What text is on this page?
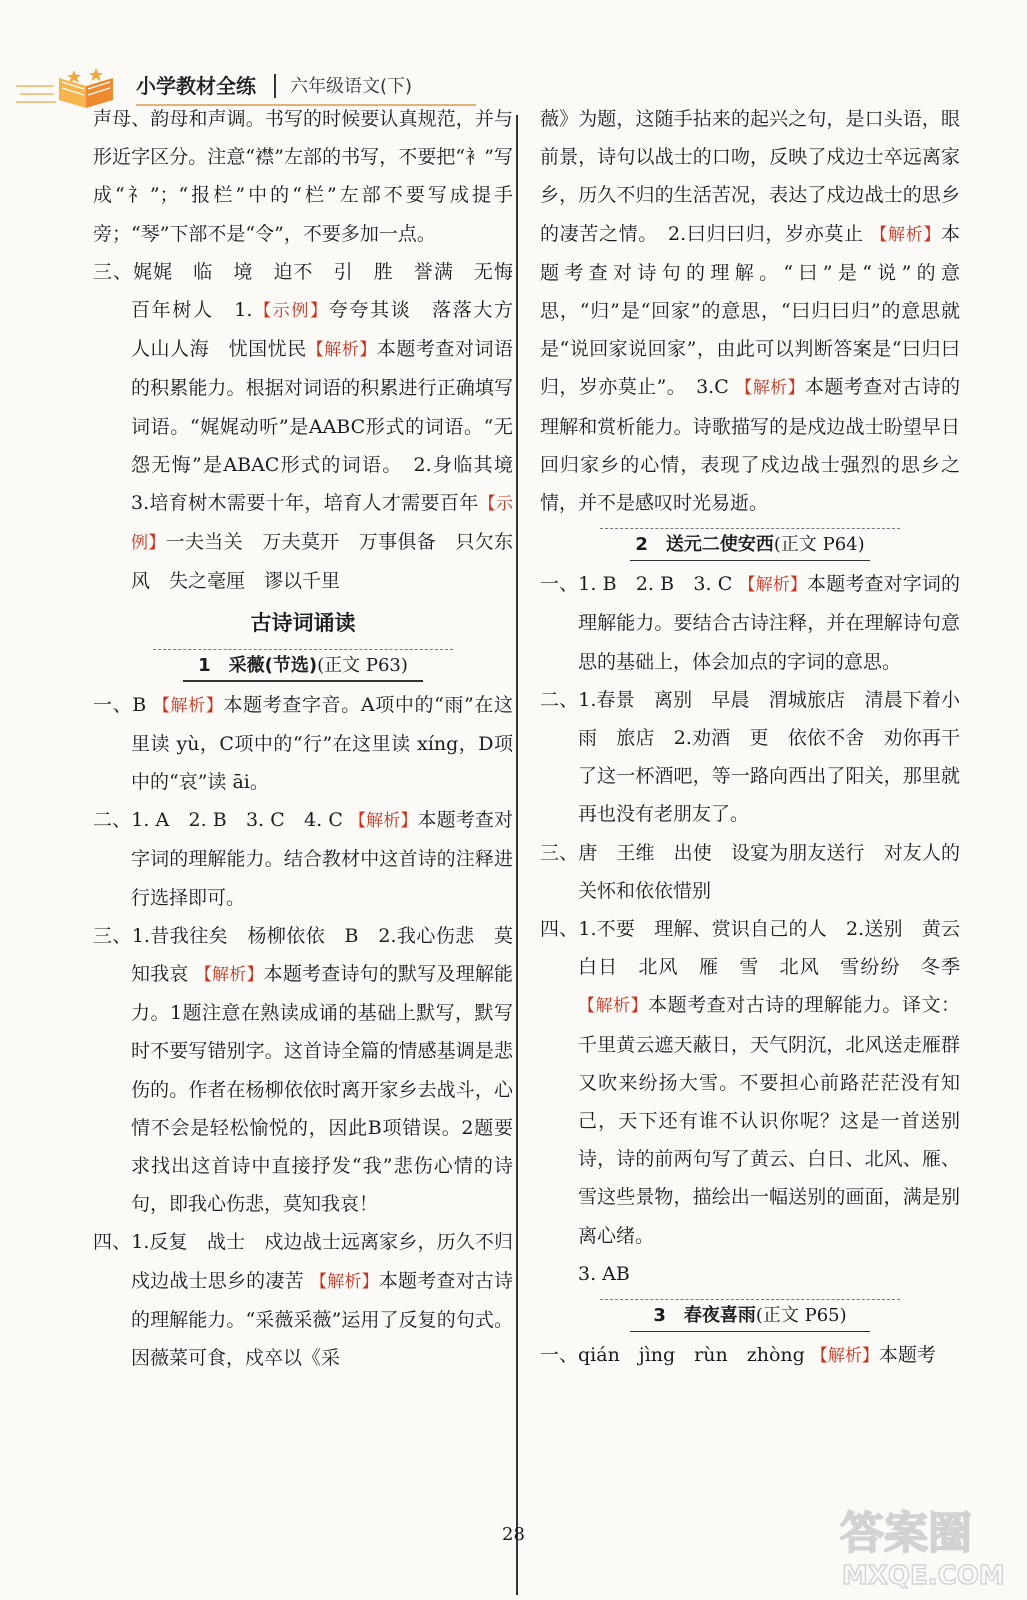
小学教材全练 六年级语文(下)

声母、韵母和声调。书写的时候要认真规范，并与形近字区分。注意“襟”左部的书写，不要把“衤”写成“礻”；“报栏”中的“栏”左部不要写成提手旁；“琴”下部不是“令”，不要多加一点。

三、娓娓　临　境　迫不　引　胜　誉满　无悔　百年树人　1. 【 示例 】 夸夸其谈　落落大方　人山人海　忧国忧民 【 解析 】 本题考查对词语的积累能力。根据对词语的积累进行正确填写词语。“娓娓动听”是AABC形式的词语。“无怨无悔”是ABAC形式的词语。　2.身临其境　3.培育树木需要十年，培育人才需要百年 【 示例 】 一夫当关　万夫莫开　万事俱备　只欠东风　失之毫厘　谬以千里

古诗词诵读
1　采薇(节选)(正文 P63)

一、B 【 解析 】 本题考查字音。A项中的“雨”在这里读 yù，C项中的“行”在这里读 xíng，D项中的“哀”读 āi。

二、1. A　2. B　3. C　4. C 【 解析 】 本题考查对字词的理解能力。结合教材中这首诗的注释进行选择即可。

三、1.昔我往矣　杨柳依依　B　2.我心伤悲　莫知我哀 【 解析 】 本题考查诗句的默写及理解能力。1题注意在熟读成诵的基础上默写，默写时不要写错别字。这首诗全篇的情感基调是悲伤的。作者在杨柳依依时离开家乡去战斗，心情不会是轻松愉悦的，因此B项错误。2题要求找出这首诗中直接抒发“我”悲伤心情的诗句，即我心伤悲，莫知我哀！

四、1.反复　战士　戍边战士远离家乡，历久不归　戍边战士思乡的凄苦 【 解析 】 本题考查对古诗的理解能力。“采薇采薇”运用了反复的句式。因薇菜可食，戍卒以《采

薇》为题，这随手拈来的起兴之句，是口头语，眼前景，诗句以战士的口吻，反映了戍边士卒远离家乡，历久不归的生活苦况，表达了戍边战士的思乡的凄苦之情。　2.曰归曰归，岁亦莫止 【 解析 】 本题考查对诗句的理解。“曰”是“说”的意思，“归”是“回家”的意思，“曰归曰归”的意思就是“说回家说回家”，由此可以判断答案是“曰归曰归，岁亦莫止”。　3.C 【 解析 】 本题考查对古诗的理解和赏析能力。诗歌描写的是戍边战士盼望早日回归家乡的心情，表现了戍边战士强烈的思乡之情，并不是感叹时光易逝。

2　送元二使安西(正文 P64)

一、1. B　2. B　3. C 【 解析 】 本题考查对字词的理解能力。要结合古诗注释，并在理解诗句意思的基础上，体会加点的字词的意思。

二、1.春景　离别　早晨　渭城旅店　清晨下着小雨　旅店　2.劝酒　更　依依不舍　劝你再干了这一杯酒吧，等一路向西出了阳关，那里就再也没有老朋友了。

三、唐　王维　出使　设宴为朋友送行　对友人的关怀和依依惜别

四、1.不要　理解、赏识自己的人　2.送别　黄云　白日　北风　雁　雪　北风　雪纷纷　冬季 【 解析 】 本题考查对古诗的理解能力。译文：千里黄云遮天蔽日，天气阴沉，北风送走雁群又吹来纷扬大雪。不要担心前路茫茫没有知己，天下还有谁不认识你呢？这是一首送别诗，诗的前两句写了黄云、白日、北风、雁、雪这些景物，描绘出一幅送别的画面，满是别离心绪。
3. AB

3　春夜喜雨(正文 P65)

一、qián　jìng　rùn　zhòng 【 解析 】 本题考

28	答案圈
MXQE.COM
